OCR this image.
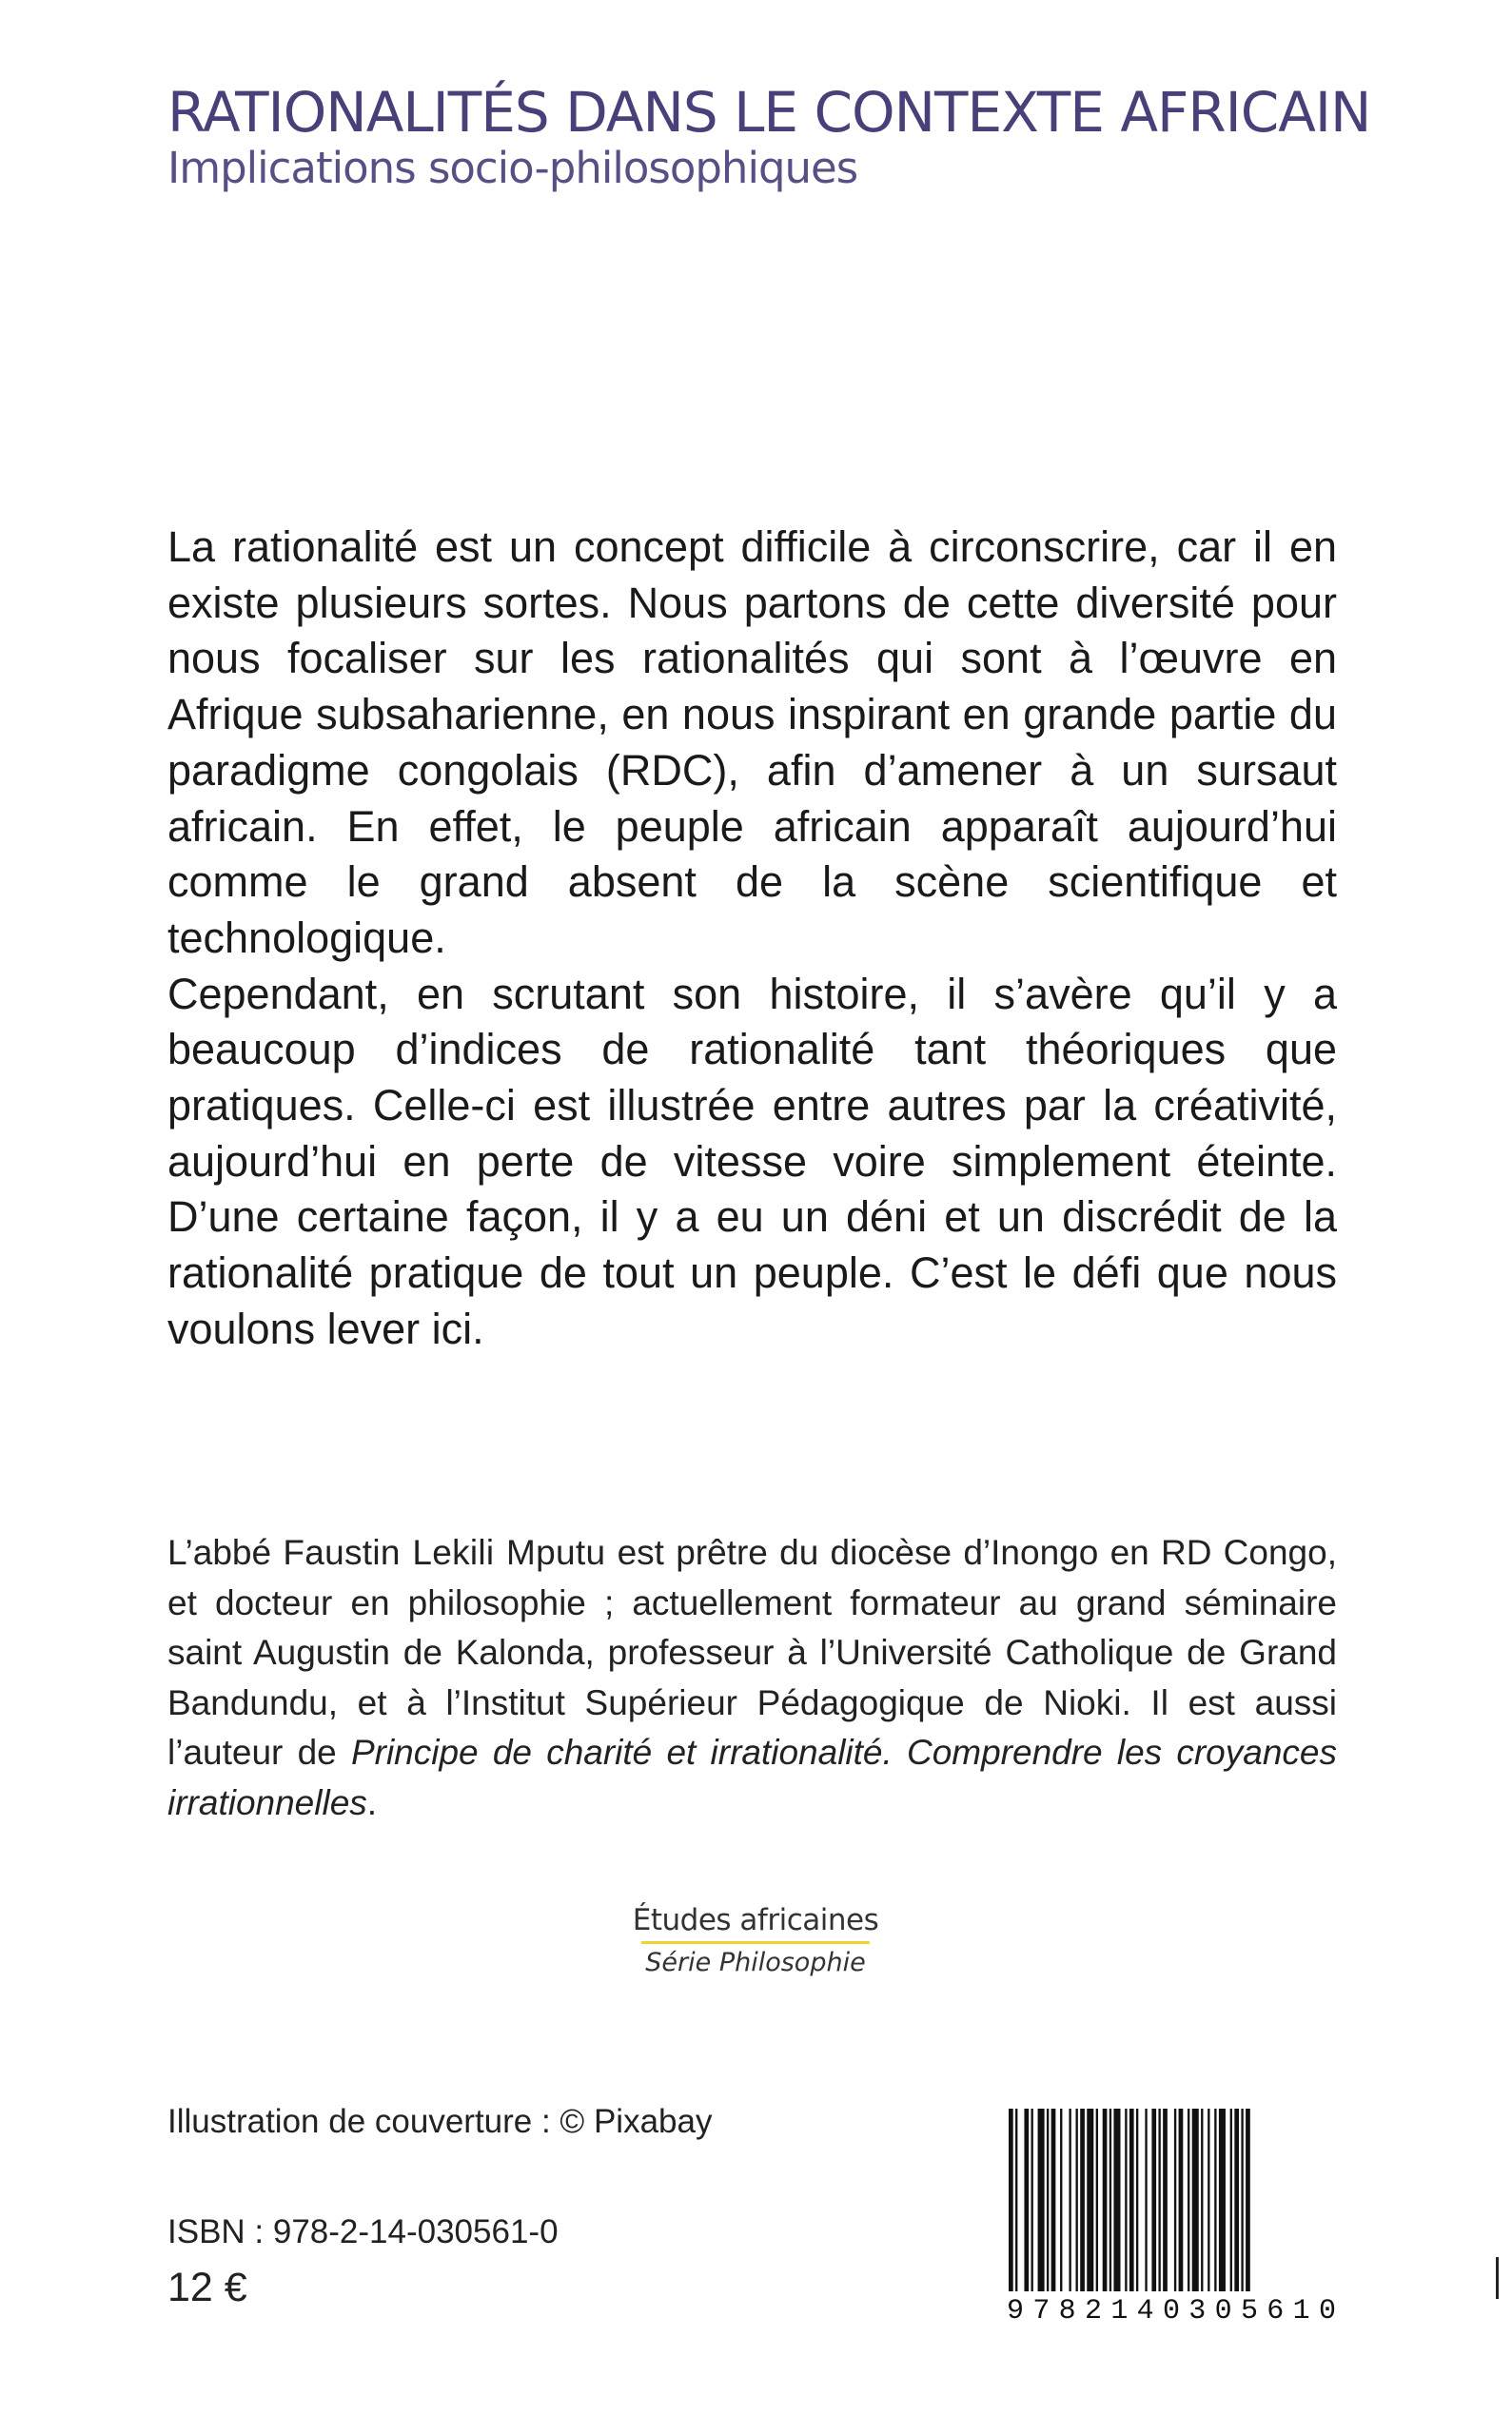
RATIONALITÉS DANS LE CONTEXTE AFRICAIN
Implications socio-philosophiques

La rationalité est un concept difficile à circonscrire, car il en existe plusieurs sortes. Nous partons de cette diversité pour nous focaliser sur les rationalités qui sont à l’œuvre en Afrique subsaharienne, en nous inspirant en grande partie du paradigme congolais (RDC), afin d’amener à un sursaut africain. En effet, le peuple africain apparaît aujourd’hui comme le grand absent de la scène scientifique et technologique.

Cependant, en scrutant son histoire, il s’avère qu’il y a beaucoup d’indices de rationalité tant théoriques que pratiques. Celle-ci est illustrée entre autres par la créativité, aujourd’hui en perte de vitesse voire simplement éteinte. D’une certaine façon, il y a eu un déni et un discrédit de la rationalité pratique de tout un peuple. C’est le défi que nous voulons lever ici.

L’abbé Faustin Lekili Mputu est prêtre du diocèse d’Inongo en RD Congo, et docteur en philosophie ; actuellement formateur au grand séminaire saint Augustin de Kalonda, professeur à l’Université Catholique de Grand Bandundu, et à l’Institut Supérieur Pédagogique de Nioki. Il est aussi l’auteur de Principe de charité et irrationalité. Comprendre les croyances irrationnelles.

Études africaines
Série Philosophie

Illustration de couverture : © Pixabay

ISBN : 978-2-14-030561-0

12 €

9 7 8 2 1 4 0 3 0 5 6 1 0
